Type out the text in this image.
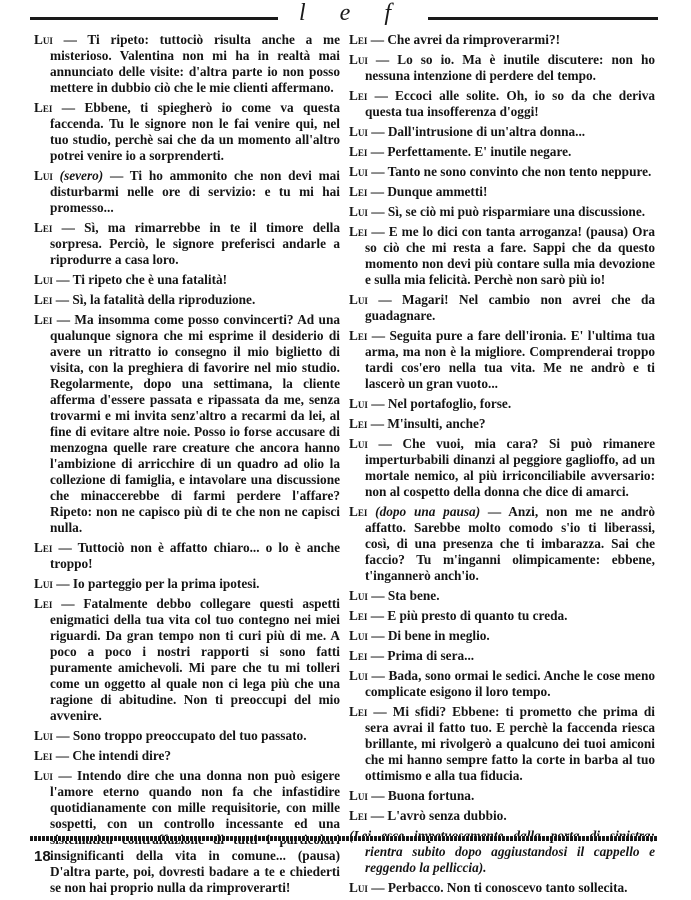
l e f

Lui — Ti ripeto: tuttociò risulta anche a me misterioso. Valentina non mi ha in realtà mai annunciato delle visite: d'altra parte io non posso mettere in dubbio ciò che le mie clienti affermano.

Lei — Ebbene, ti spiegherò io come va questa faccenda. Tu le signore non le fai venire qui, nel tuo studio, perchè sai che da un momento all'altro potrei venire io a sorprenderti.

Lui (severo) — Ti ho ammonito che non devi mai disturbarmi nelle ore di servizio: e tu mi hai promesso...

Lei — Sì, ma rimarrebbe in te il timore della sorpresa. Perciò, le signore preferisci andarle a riprodurre a casa loro.

Lui — Ti ripeto che è una fatalità!

Lei — Sì, la fatalità della riproduzione.

Lei — Ma insomma come posso convincerti? Ad una qualunque signora che mi esprime il desiderio di avere un ritratto io consegno il mio biglietto di visita, con la preghiera di favorire nel mio studio. Regolarmente, dopo una settimana, la cliente afferma d'essere passata e ripassata da me, senza trovarmi e mi invita senz'altro a recarmi da lei, al fine di evitare altre noie. Posso io forse accusare di menzogna quelle rare creature che ancora hanno l'ambizione di arricchire di un quadro ad olio la collezione di famiglia, e intavolare una discussione che minaccerebbe di farmi perdere l'affare? Ripeto: non ne capisco più di te che non ne capisci nulla.

Lei — Tuttociò non è affatto chiaro... o lo è anche troppo!

Lui — Io parteggio per la prima ipotesi.

Lei — Fatalmente debbo collegare questi aspetti enigmatici della tua vita col tuo contegno nei miei riguardi. Da gran tempo non ti curi più di me. A poco a poco i nostri rapporti si sono fatti puramente amichevoli. Mi pare che tu mi tolleri come un oggetto al quale non ci lega più che una ragione di abitudine. Non ti preoccupi del mio avvenire.

Lui — Sono troppo preoccupato del tuo passato.

Lei — Che intendi dire?

Lui — Intendo dire che una donna non può esigere l'amore eterno quando non fa che infastidire quotidianamente con mille requisitorie, con mille sospetti, con un controllo incessante ed una insignificanti della vita in comune... (pausa) D'altra parte, poi, dovresti badare a te e chiederti se non hai proprio nulla da rimproverarti!

Lei — Che avrei da rimproverarmi?!

Lui — Lo so io. Ma è inutile discutere: non ho nessuna intenzione di perdere del tempo.

Lei — Eccoci alle solite. Oh, io so da che deriva questa tua insofferenza d'oggi!

Lui — Dall'intrusione di un'altra donna...

Lei — Perfettamente. E' inutile negare.

Lui — Tanto ne sono convinto che non tento neppure.

Lei — Dunque ammetti!

Lui — Sì, se ciò mi può risparmiare una discussione.

Lei — E me lo dici con tanta arroganza! (pausa) Ora so ciò che mi resta a fare. Sappi che da questo momento non devi più contare sulla mia devozione e sulla mia felicità. Perchè non sarò più io!

Lui — Magari! Nel cambio non avrei che da guadagnare.

Lei — Seguita pure a fare dell'ironia. E' l'ultima tua arma, ma non è la migliore. Comprenderai troppo tardi cos'ero nella tua vita. Me ne andrò e ti lascerò un gran vuoto...

Lui — Nel portafoglio, forse.

Lei — M'insulti, anche?

Lui — Che vuoi, mia cara? Si può rimanere imperturbabili dinanzi al peggiore gaglioffo, ad un mortale nemico, al più irriconciliabile avversario: non al cospetto della donna che dice di amarci.

Lei (dopo una pausa) — Anzi, non me ne andrò affatto. Sarebbe molto comodo s'io ti liberassi, così, di una presenza che ti imbarazza. Sai che faccio? Tu m'inganni olimpicamente: ebbene, t'ingannerò anch'io.

Lui — Sta bene.

Lei — E più presto di quanto tu creda.

Lui — Di bene in meglio.

Lei — Prima di sera...

Lui — Bada, sono ormai le sedici. Anche le cose meno complicate esigono il loro tempo.

Lei — Mi sfidi? Ebbene: ti prometto che prima di sera avrai il fatto tuo. E perchè la faccenda riesca brillante, mi rivolgerò a qualcuno dei tuoi amiconi che mi hanno sempre fatto la corte in barba al tuo ottimismo e alla tua fiducia.

Lui — Buona fortuna.

Lei — L'avrò senza dubbio.

rientra subito dopo aggiustandosi il cappello e reggendo la pelliccia).

Lui — Perbacco. Non ti conoscevo tanto sollecita.

18
